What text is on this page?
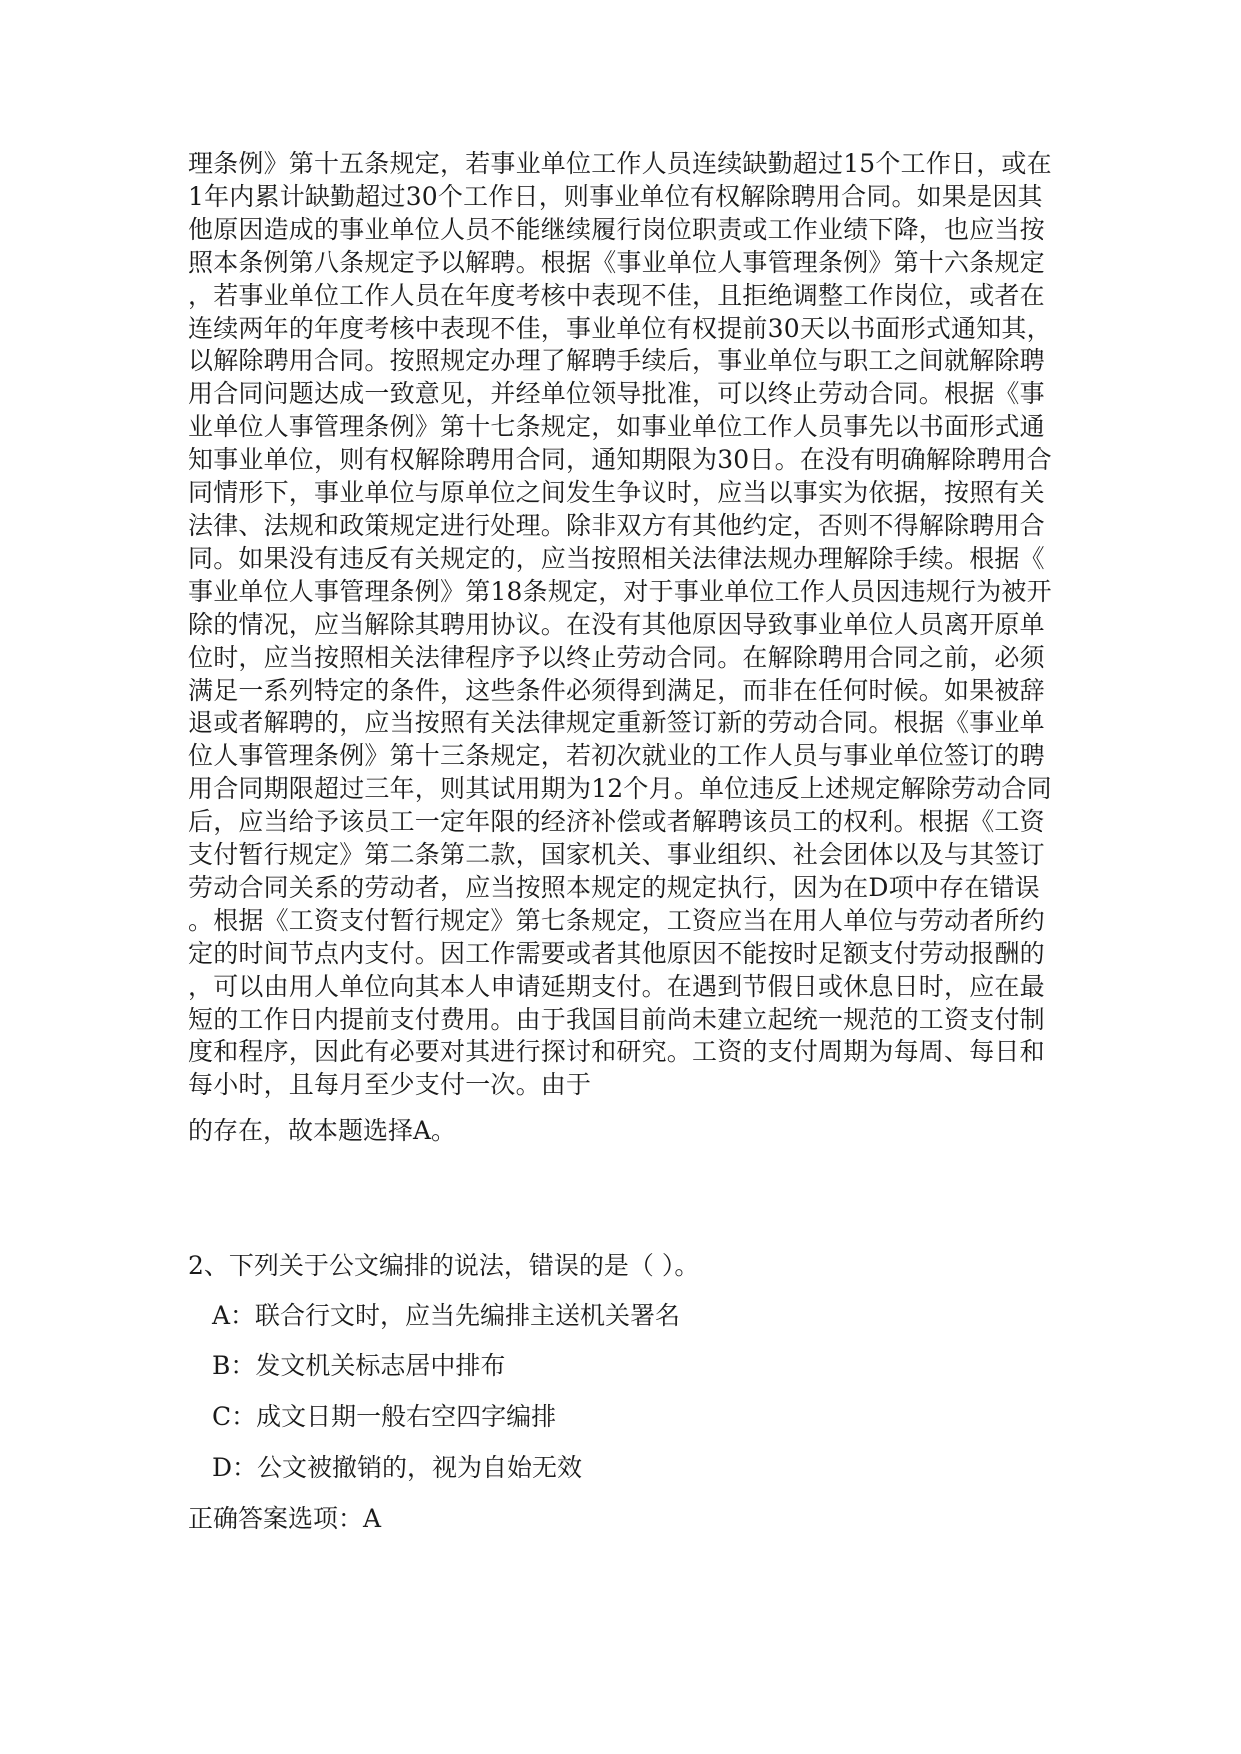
理条例》第十五条规定，若事业单位工作人员连续缺勤超过15个工作日，或在
1年内累计缺勤超过30个工作日，则事业单位有权解除聘用合同。如果是因其
他原因造成的事业单位人员不能继续履行岗位职责或工作业绩下降，也应当按
照本条例第八条规定予以解聘。根据《事业单位人事管理条例》第十六条规定
，若事业单位工作人员在年度考核中表现不佳，且拒绝调整工作岗位，或者在
连续两年的年度考核中表现不佳，事业单位有权提前30天以书面形式通知其，
以解除聘用合同。按照规定办理了解聘手续后，事业单位与职工之间就解除聘
用合同问题达成一致意见，并经单位领导批准，可以终止劳动合同。根据《事
业单位人事管理条例》第十七条规定，如事业单位工作人员事先以书面形式通
知事业单位，则有权解除聘用合同，通知期限为30日。在没有明确解除聘用合
同情形下，事业单位与原单位之间发生争议时，应当以事实为依据，按照有关
法律、法规和政策规定进行处理。除非双方有其他约定，否则不得解除聘用合
同。如果没有违反有关规定的，应当按照相关法律法规办理解除手续。根据《
事业单位人事管理条例》第18条规定，对于事业单位工作人员因违规行为被开
除的情况，应当解除其聘用协议。在没有其他原因导致事业单位人员离开原单
位时，应当按照相关法律程序予以终止劳动合同。在解除聘用合同之前，必须
满足一系列特定的条件，这些条件必须得到满足，而非在任何时候。如果被辞
退或者解聘的，应当按照有关法律规定重新签订新的劳动合同。根据《事业单
位人事管理条例》第十三条规定，若初次就业的工作人员与事业单位签订的聘
用合同期限超过三年，则其试用期为12个月。单位违反上述规定解除劳动合同
后，应当给予该员工一定年限的经济补偿或者解聘该员工的权利。根据《工资
支付暂行规定》第二条第二款，国家机关、事业组织、社会团体以及与其签订
劳动合同关系的劳动者，应当按照本规定的规定执行，因为在D项中存在错误
。根据《工资支付暂行规定》第七条规定，工资应当在用人单位与劳动者所约
定的时间节点内支付。因工作需要或者其他原因不能按时足额支付劳动报酬的
，可以由用人单位向其本人申请延期支付。在遇到节假日或休息日时，应在最
短的工作日内提前支付费用。由于我国目前尚未建立起统一规范的工资支付制
度和程序，因此有必要对其进行探讨和研究。工资的支付周期为每周、每日和
每小时，且每月至少支付一次。由于
的存在，故本题选择A。
2、下列关于公文编排的说法，错误的是（ ）。
A：联合行文时，应当先编排主送机关署名
B：发文机关标志居中排布
C：成文日期一般右空四字编排
D：公文被撤销的，视为自始无效
正确答案选项：A
